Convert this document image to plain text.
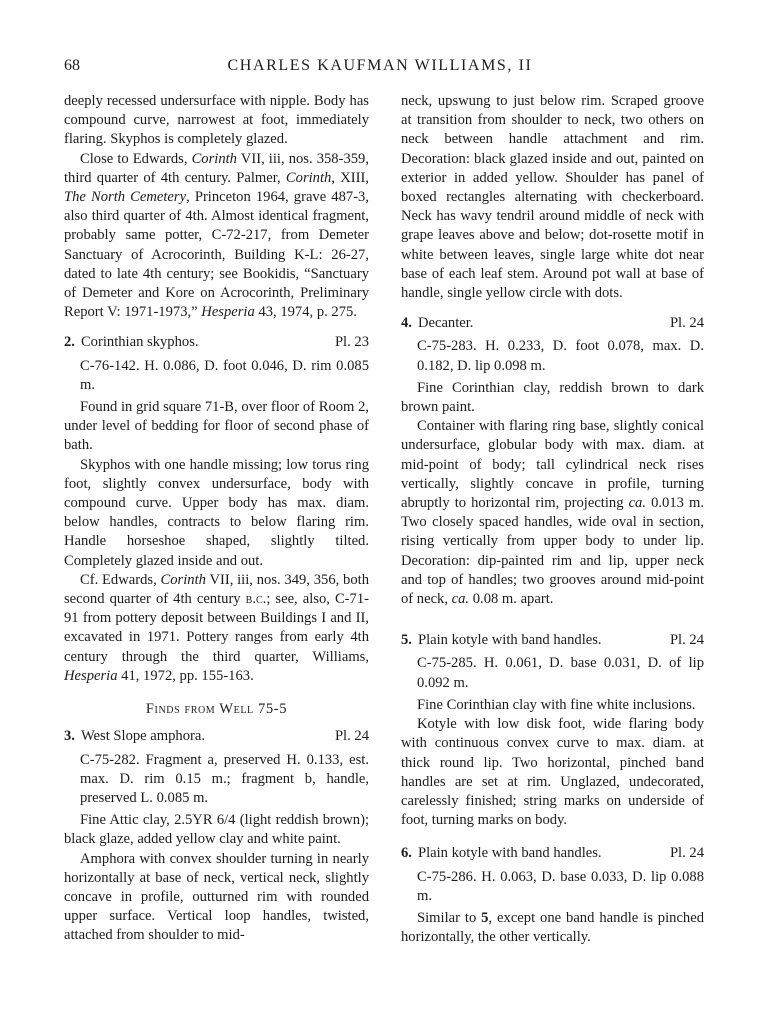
68	CHARLES KAUFMAN WILLIAMS, II

deeply recessed undersurface with nipple. Body has compound curve, narrowest at foot, immediately flaring. Skyphos is completely glazed.

Close to Edwards, Corinth VII, iii, nos. 358-359, third quarter of 4th century. Palmer, Corinth, XIII, The North Cemetery, Princeton 1964, grave 487-3, also third quarter of 4th. Almost identical fragment, probably same potter, C-72-217, from Demeter Sanctuary of Acrocorinth, Building K-L: 26-27, dated to late 4th century; see Bookidis, “Sanctuary of Demeter and Kore on Acrocorinth, Preliminary Report V: 1971-1973,” Hesperia 43, 1974, p. 275.

2. Corinthian skyphos.	Pl. 23

C-76-142. H. 0.086, D. foot 0.046, D. rim 0.085 m.

Found in grid square 71-B, over floor of Room 2, under level of bedding for floor of second phase of bath.

Skyphos with one handle missing; low torus ring foot, slightly convex undersurface, body with compound curve. Upper body has max. diam. below handles, contracts to below flaring rim. Handle horseshoe shaped, slightly tilted. Completely glazed inside and out.

Cf. Edwards, Corinth VII, iii, nos. 349, 356, both second quarter of 4th century b.c.; see, also, C-71-91 from pottery deposit between Buildings I and II, excavated in 1971. Pottery ranges from early 4th century through the third quarter, Williams, Hesperia 41, 1972, pp. 155-163.

Finds from Well 75-5

3. West Slope amphora.	Pl. 24

C-75-282. Fragment a, preserved H. 0.133, est. max. D. rim 0.15 m.; fragment b, handle, preserved L. 0.085 m.

Fine Attic clay, 2.5YR 6/4 (light reddish brown); black glaze, added yellow clay and white paint.

Amphora with convex shoulder turning in nearly horizontally at base of neck, vertical neck, slightly concave in profile, outturned rim with rounded upper surface. Vertical loop handles, twisted, attached from shoulder to mid-

neck, upswung to just below rim. Scraped groove at transition from shoulder to neck, two others on neck between handle attachment and rim. Decoration: black glazed inside and out, painted on exterior in added yellow. Shoulder has panel of boxed rectangles alternating with checkerboard. Neck has wavy tendril around middle of neck with grape leaves above and below; dot-rosette motif in white between leaves, single large white dot near base of each leaf stem. Around pot wall at base of handle, single yellow circle with dots.

4. Decanter.	Pl. 24

C-75-283. H. 0.233, D. foot 0.078, max. D. 0.182, D. lip 0.098 m.

Fine Corinthian clay, reddish brown to dark brown paint.

Container with flaring ring base, slightly conical undersurface, globular body with max. diam. at mid-point of body; tall cylindrical neck rises vertically, slightly concave in profile, turning abruptly to horizontal rim, projecting ca. 0.013 m. Two closely spaced handles, wide oval in section, rising vertically from upper body to under lip. Decoration: dip-painted rim and lip, upper neck and top of handles; two grooves around mid-point of neck, ca. 0.08 m. apart.

5. Plain kotyle with band handles.	Pl. 24

C-75-285. H. 0.061, D. base 0.031, D. of lip 0.092 m.

Fine Corinthian clay with fine white inclusions.

Kotyle with low disk foot, wide flaring body with continuous convex curve to max. diam. at thick round lip. Two horizontal, pinched band handles are set at rim. Unglazed, undecorated, carelessly finished; string marks on underside of foot, turning marks on body.

6. Plain kotyle with band handles.	Pl. 24

C-75-286. H. 0.063, D. base 0.033, D. lip 0.088 m.

Similar to 5, except one band handle is pinched horizontally, the other vertically.
